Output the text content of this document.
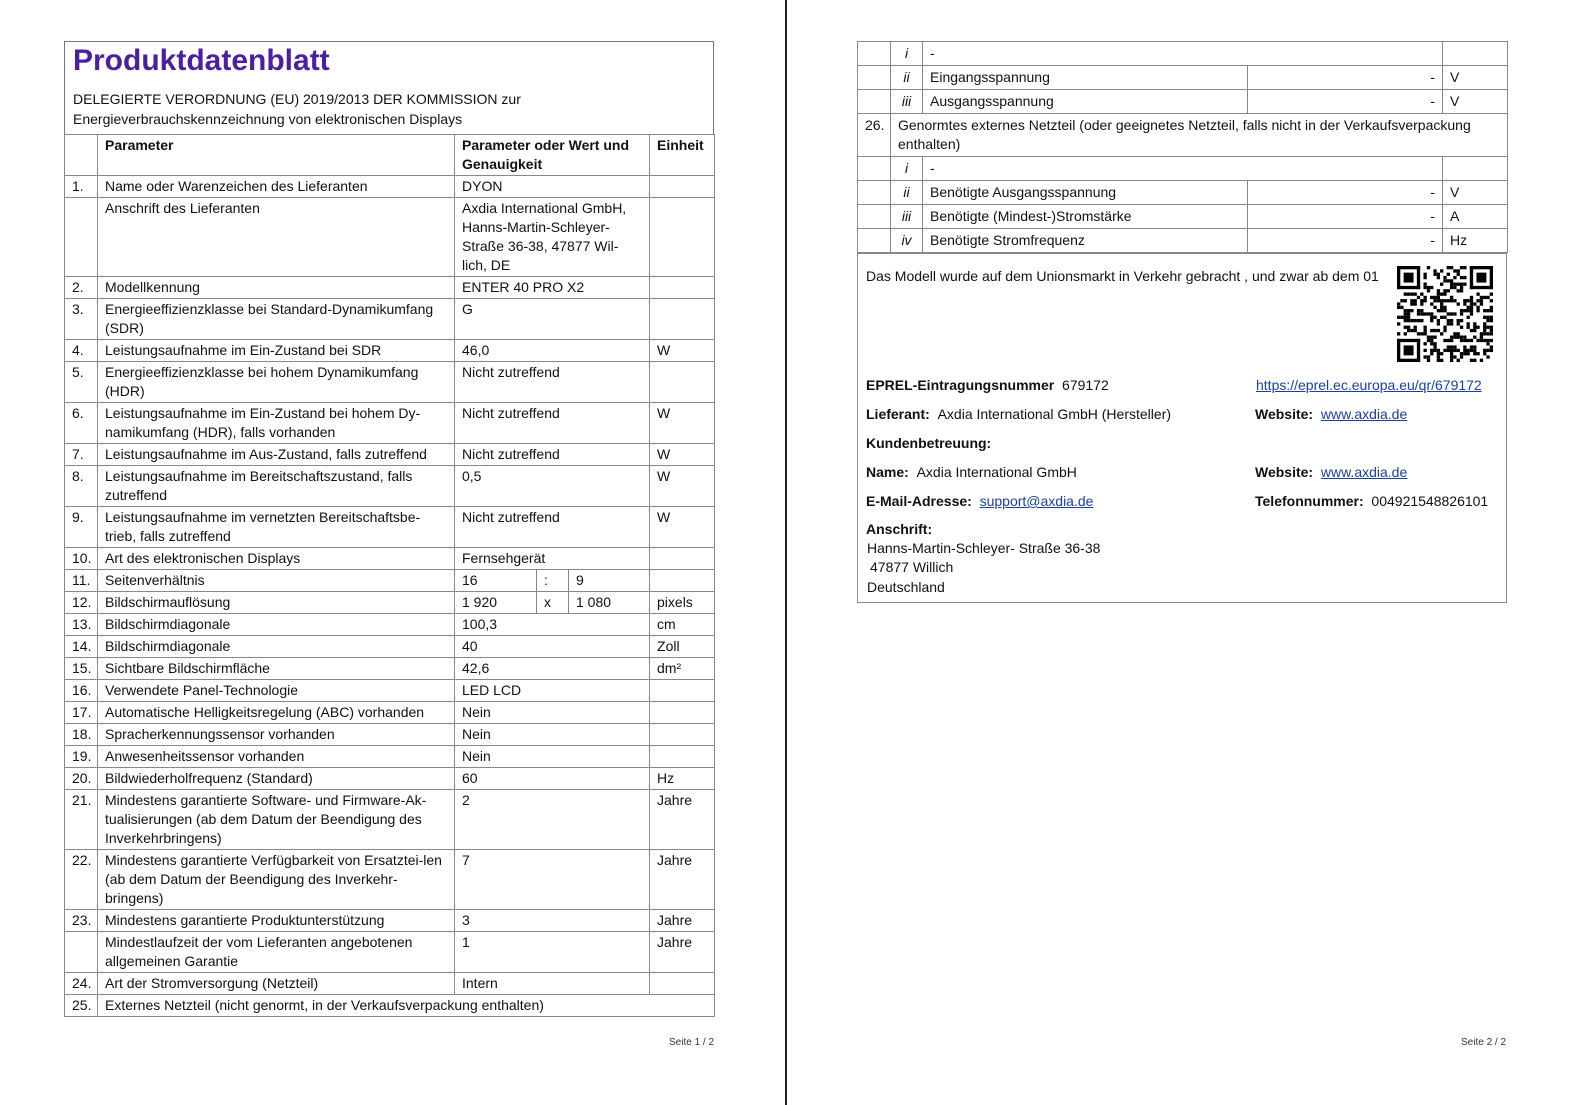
Produktdatenblatt
DELEGIERTE VERORDNUNG (EU) 2019/2013 DER KOMMISSION zur
Energieverbrauchskennzeichnung von elektronischen Displays
	Parameter	Parameter oder Wert und Genauigkeit			Einheit
1.	Name oder Warenzeichen des Lieferanten	DYON			
	Anschrift des Lieferanten	Axdia International GmbH, Hanns-Martin-Schleyer-Straße 36-38, 47877 Wil-lich, DE			
2.	Modellkennung	ENTER 40 PRO X2			
3.	Energieeffizienzklasse bei Standard-Dynamikumfang (SDR)	G			
4.	Leistungsaufnahme im Ein-Zustand bei SDR	46,0			W
5.	Energieeffizienzklasse bei hohem Dynamikumfang (HDR)	Nicht zutreffend			
6.	Leistungsaufnahme im Ein-Zustand bei hohem Dy-namikumfang (HDR), falls vorhanden	Nicht zutreffend			W
7.	Leistungsaufnahme im Aus-Zustand, falls zutreffend	Nicht zutreffend			W
8.	Leistungsaufnahme im Bereitschaftszustand, falls zutreffend	0,5			W
9.	Leistungsaufnahme im vernetzten Bereitschaftsbe-trieb, falls zutreffend	Nicht zutreffend			W
10.	Art des elektronischen Displays	Fernsehgerät			
11.	Seitenverhältnis	16	:	9	
12.	Bildschirmauflösung	1 920	x	1 080	pixels
13.	Bildschirmdiagonale	100,3			cm
14.	Bildschirmdiagonale	40			Zoll
15.	Sichtbare Bildschirmfläche	42,6			dm²
16.	Verwendete Panel-Technologie	LED LCD			
17.	Automatische Helligkeitsregelung (ABC) vorhanden	Nein			
18.	Spracherkennungssensor vorhanden	Nein			
19.	Anwesenheitssensor vorhanden	Nein			
20.	Bildwiederholfrequenz (Standard)	60			Hz
21.	Mindestens garantierte Software- und Firmware-Ak-tualisierungen (ab dem Datum der Beendigung des Inverkehrbringens)	2			Jahre
22.	Mindestens garantierte Verfügbarkeit von Ersatztei-len (ab dem Datum der Beendigung des Inverkehr-bringens)	7			Jahre
23.	Mindestens garantierte Produktunterstützung	3			Jahre
	Mindestlaufzeit der vom Lieferanten angebotenen allgemeinen Garantie	1			Jahre
24.	Art der Stromversorgung (Netzteil)	Intern			
25.	Externes Netzteil (nicht genormt, in der Verkaufsverpackung enthalten)				
Seite 1 / 2
	i	-		
	ii	Eingangsspannung	-	V
	iii	Ausgangsspannung	-	V
26.	Genormtes externes Netzteil (oder geeignetes Netzteil, falls nicht in der Verkaufsverpackung enthalten)			
	i	-		
	ii	Benötigte Ausgangsspannung	-	V
	iii	Benötigte (Mindest-)Stromstärke	-	A
	iv	Benötigte Stromfrequenz	-	Hz
Das Modell wurde auf dem Unionsmarkt in Verkehr gebracht , und zwar ab dem 01
EPREL-Eintragungsnummer 679172	https://eprel.ec.europa.eu/qr/679172
Lieferant: Axdia International GmbH (Hersteller)	Website: www.axdia.de
Kundenbetreuung:
Name: Axdia International GmbH	Website: www.axdia.de
E-Mail-Adresse: support@axdia.de	Telefonnummer: 004921548826101
Anschrift:
Hanns-Martin-Schleyer- Straße 36-38
47877 Willich
Deutschland
Seite 2 / 2
